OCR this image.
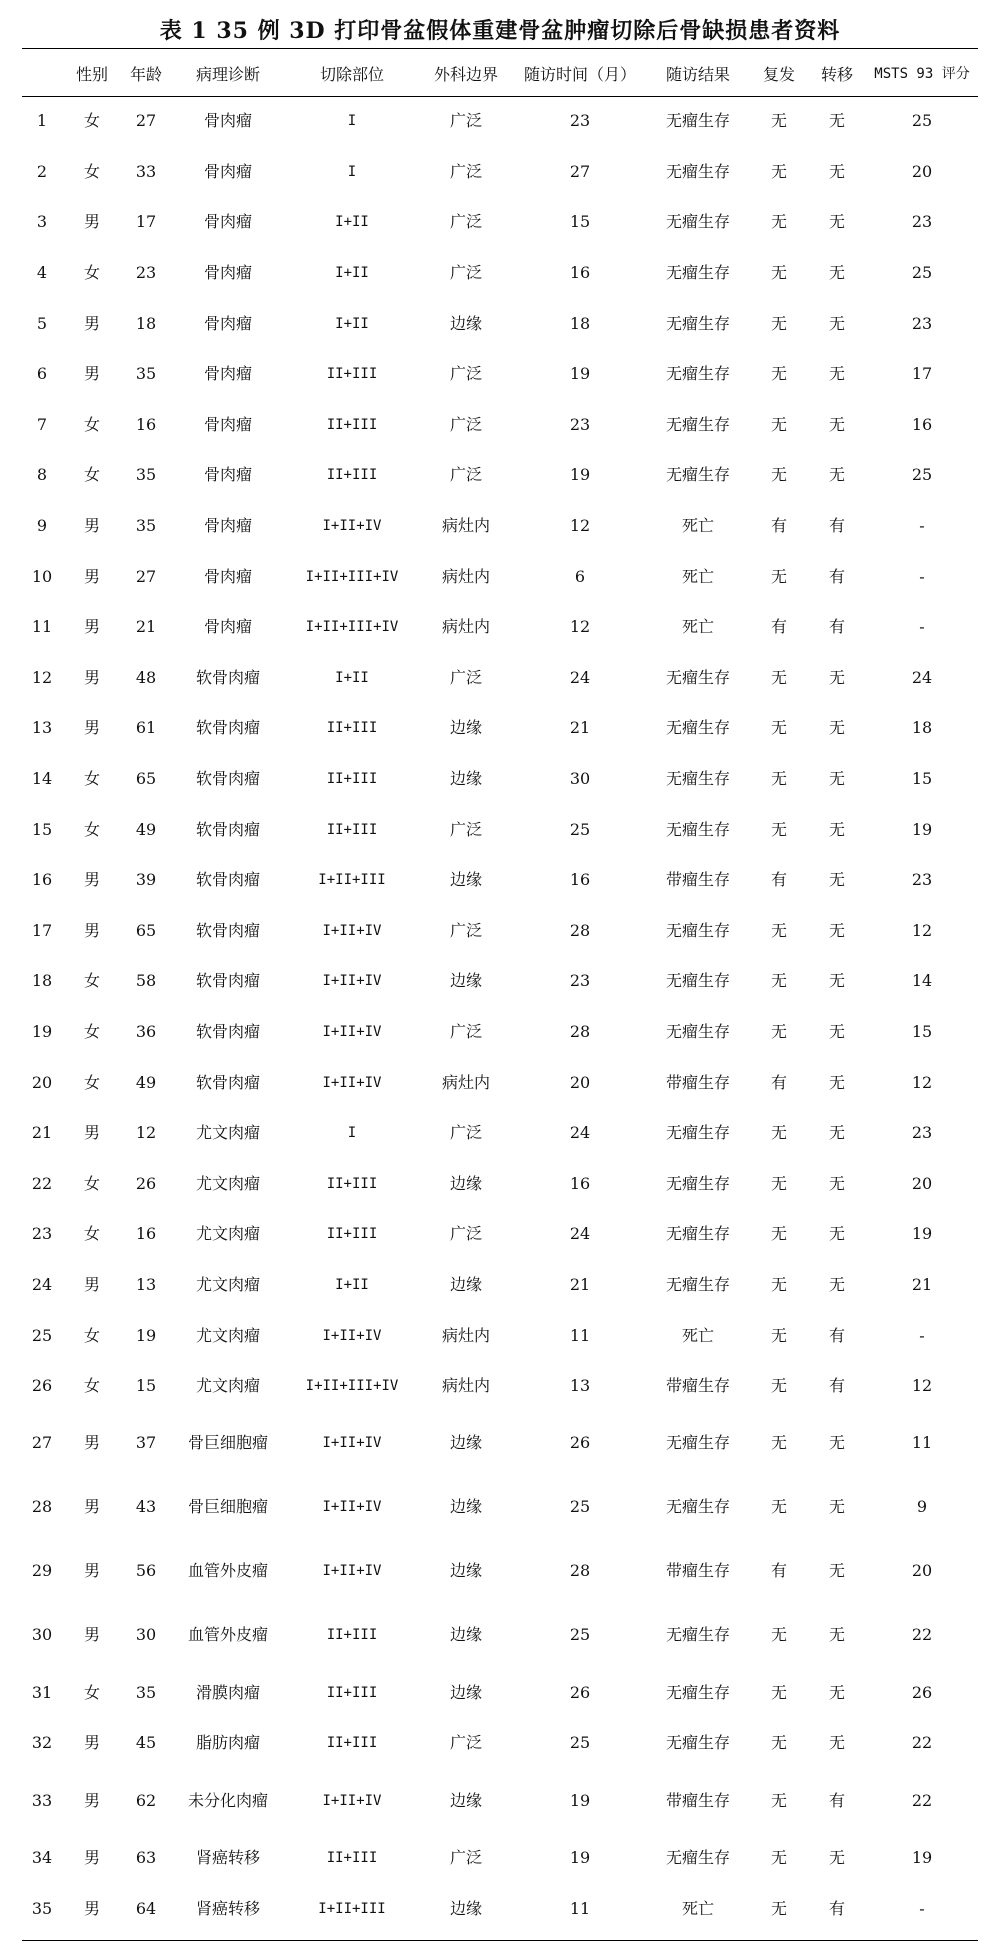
表 1 35 例 3D 打印骨盆假体重建骨盆肿瘤切除后骨缺损患者资料
	性别	年龄	病理诊断	切除部位	外科边界	随访时间（月）	随访结果	复发	转移	MSTS 93 评分
1	女	27	骨肉瘤	I	广泛	23	无瘤生存	无	无	25
2	女	33	骨肉瘤	I	广泛	27	无瘤生存	无	无	20
3	男	17	骨肉瘤	I+II	广泛	15	无瘤生存	无	无	23
4	女	23	骨肉瘤	I+II	广泛	16	无瘤生存	无	无	25
5	男	18	骨肉瘤	I+II	边缘	18	无瘤生存	无	无	23
6	男	35	骨肉瘤	II+III	广泛	19	无瘤生存	无	无	17
7	女	16	骨肉瘤	II+III	广泛	23	无瘤生存	无	无	16
8	女	35	骨肉瘤	II+III	广泛	19	无瘤生存	无	无	25
9	男	35	骨肉瘤	I+II+IV	病灶内	12	死亡	有	有	-
10	男	27	骨肉瘤	I+II+III+IV	病灶内	6	死亡	无	有	-
11	男	21	骨肉瘤	I+II+III+IV	病灶内	12	死亡	有	有	-
12	男	48	软骨肉瘤	I+II	广泛	24	无瘤生存	无	无	24
13	男	61	软骨肉瘤	II+III	边缘	21	无瘤生存	无	无	18
14	女	65	软骨肉瘤	II+III	边缘	30	无瘤生存	无	无	15
15	女	49	软骨肉瘤	II+III	广泛	25	无瘤生存	无	无	19
16	男	39	软骨肉瘤	I+II+III	边缘	16	带瘤生存	有	无	23
17	男	65	软骨肉瘤	I+II+IV	广泛	28	无瘤生存	无	无	12
18	女	58	软骨肉瘤	I+II+IV	边缘	23	无瘤生存	无	无	14
19	女	36	软骨肉瘤	I+II+IV	广泛	28	无瘤生存	无	无	15
20	女	49	软骨肉瘤	I+II+IV	病灶内	20	带瘤生存	有	无	12
21	男	12	尤文肉瘤	I	广泛	24	无瘤生存	无	无	23
22	女	26	尤文肉瘤	II+III	边缘	16	无瘤生存	无	无	20
23	女	16	尤文肉瘤	II+III	广泛	24	无瘤生存	无	无	19
24	男	13	尤文肉瘤	I+II	边缘	21	无瘤生存	无	无	21
25	女	19	尤文肉瘤	I+II+IV	病灶内	11	死亡	无	有	-
26	女	15	尤文肉瘤	I+II+III+IV	病灶内	13	带瘤生存	无	有	12
27	男	37	骨巨细胞瘤	I+II+IV	边缘	26	无瘤生存	无	无	11
28	男	43	骨巨细胞瘤	I+II+IV	边缘	25	无瘤生存	无	无	9
29	男	56	血管外皮瘤	I+II+IV	边缘	28	带瘤生存	有	无	20
30	男	30	血管外皮瘤	II+III	边缘	25	无瘤生存	无	无	22
31	女	35	滑膜肉瘤	II+III	边缘	26	无瘤生存	无	无	26
32	男	45	脂肪肉瘤	II+III	广泛	25	无瘤生存	无	无	22
33	男	62	未分化肉瘤	I+II+IV	边缘	19	带瘤生存	无	有	22
34	男	63	肾癌转移	II+III	广泛	19	无瘤生存	无	无	19
35	男	64	肾癌转移	I+II+III	边缘	11	死亡	无	有	-
